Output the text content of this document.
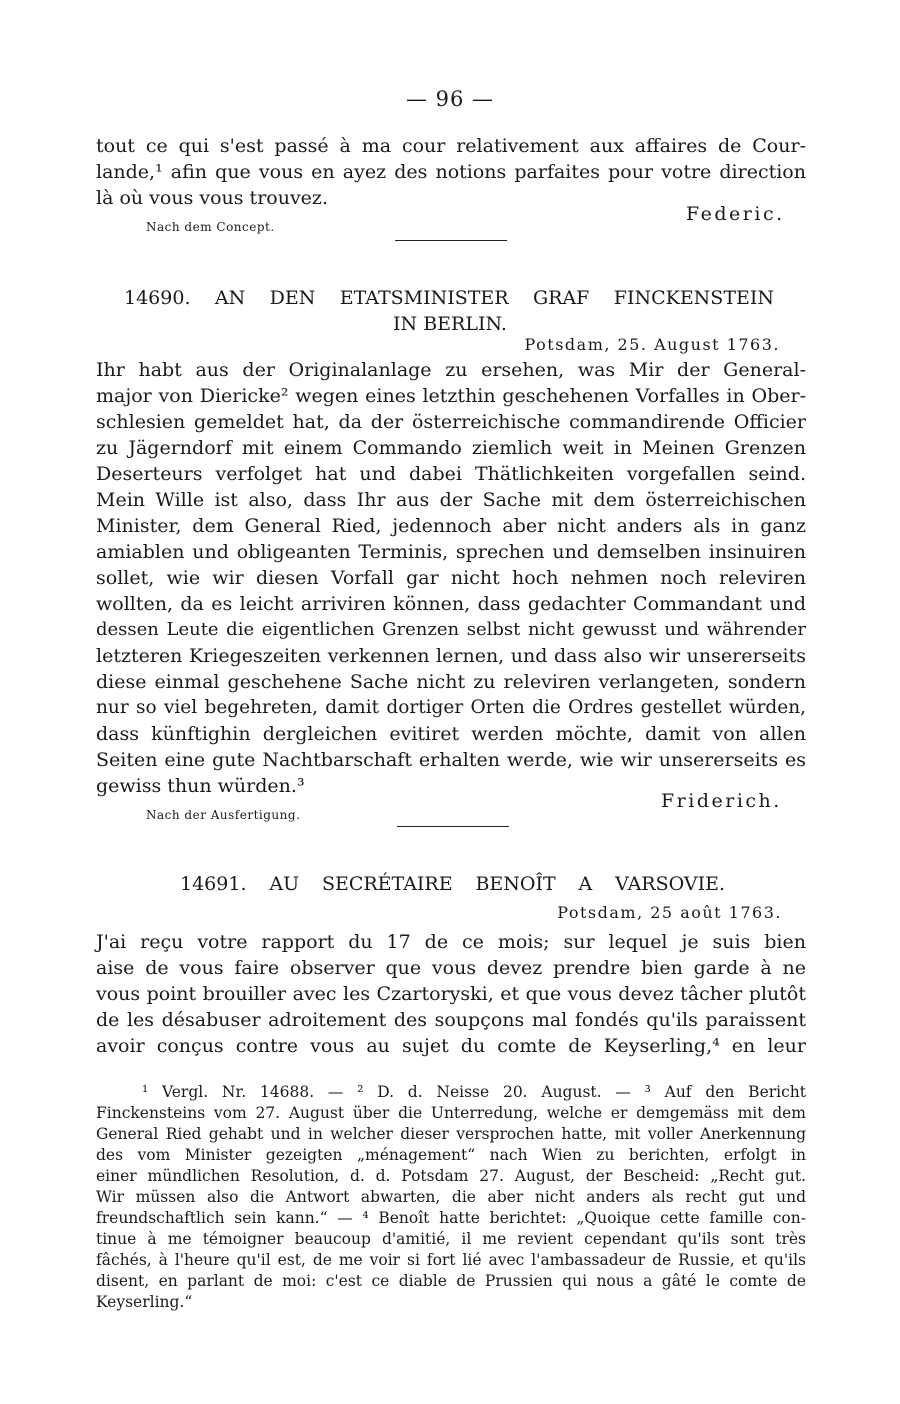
— 96 —
tout ce qui s'est passé à ma cour relativement aux affaires de Cour-
lande,¹ afin que vous en ayez des notions parfaites pour votre direction
là où vous vous trouvez.
Federic.
Nach dem Concept.
14690. AN DEN ETATSMINISTER GRAF FINCKENSTEIN
IN BERLIN.
Potsdam, 25. August 1763.
Ihr habt aus der Originalanlage zu ersehen, was Mir der General-
major von Diericke² wegen eines letzthin geschehenen Vorfalles in Ober-
schlesien gemeldet hat, da der österreichische commandirende Officier
zu Jägerndorf mit einem Commando ziemlich weit in Meinen Grenzen
Deserteurs verfolget hat und dabei Thätlichkeiten vorgefallen seind.
Mein Wille ist also, dass Ihr aus der Sache mit dem österreichischen
Minister, dem General Ried, jedennoch aber nicht anders als in ganz
amiablen und obligeanten Terminis, sprechen und demselben insinuiren
sollet, wie wir diesen Vorfall gar nicht hoch nehmen noch releviren
wollten, da es leicht arriviren können, dass gedachter Commandant und
dessen Leute die eigentlichen Grenzen selbst nicht gewusst und währender
letzteren Kriegeszeiten verkennen lernen, und dass also wir unsererseits
diese einmal geschehene Sache nicht zu releviren verlangeten, sondern
nur so viel begehreten, damit dortiger Orten die Ordres gestellet würden,
dass künftighin dergleichen evitiret werden möchte, damit von allen
Seiten eine gute Nachtbarschaft erhalten werde, wie wir unsererseits es
gewiss thun würden.³
Friderich.
Nach der Ausfertigung.
14691. AU SECRÉTAIRE BENOÎT A VARSOVIE.
Potsdam, 25 août 1763.
J'ai reçu votre rapport du 17 de ce mois; sur lequel je suis bien
aise de vous faire observer que vous devez prendre bien garde à ne
vous point brouiller avec les Czartoryski, et que vous devez tâcher plutôt
de les désabuser adroitement des soupçons mal fondés qu'ils paraissent
avoir conçus contre vous au sujet du comte de Keyserling,⁴ en leur
¹ Vergl. Nr. 14688. — ² D. d. Neisse 20. August. — ³ Auf den Bericht
Finckensteins vom 27. August über die Unterredung, welche er demgemäss mit dem
General Ried gehabt und in welcher dieser versprochen hatte, mit voller Anerkennung
des vom Minister gezeigten „ménagement“ nach Wien zu berichten, erfolgt in
einer mündlichen Resolution, d. d. Potsdam 27. August, der Bescheid: „Recht gut.
Wir müssen also die Antwort abwarten, die aber nicht anders als recht gut und
freundschaftlich sein kann.“ — ⁴ Benoît hatte berichtet: „Quoique cette famille con-
tinue à me témoigner beaucoup d'amitié, il me revient cependant qu'ils sont très
fâchés, à l'heure qu'il est, de me voir si fort lié avec l'ambassadeur de Russie, et qu'ils
disent, en parlant de moi: c'est ce diable de Prussien qui nous a gâté le comte de
Keyserling.“
